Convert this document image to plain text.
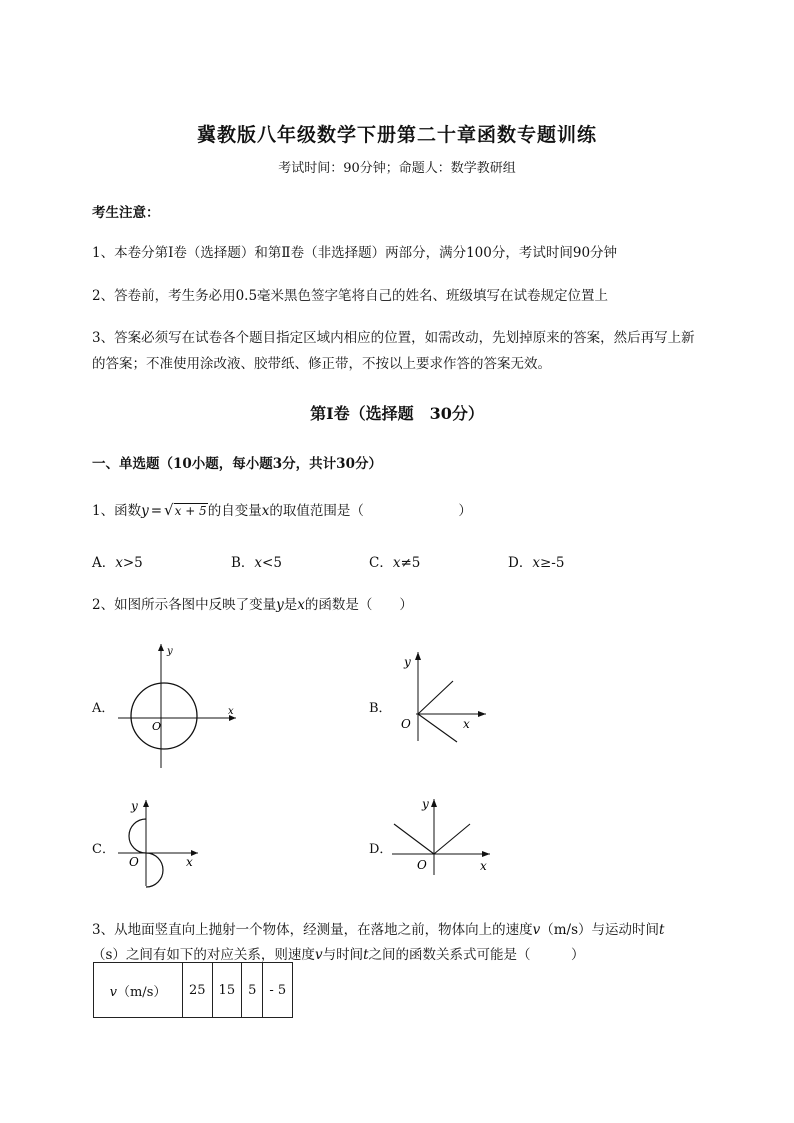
冀教版八年级数学下册第二十章函数专题训练
考试时间：90分钟；命题人：数学教研组
考生注意：
1、本卷分第I卷（选择题）和第Ⅱ卷（非选择题）两部分，满分100分，考试时间90分钟
2、答卷前，考生务必用0.5毫米黑色签字笔将自己的姓名、班级填写在试卷规定位置上
3、答案必须写在试卷各个题目指定区域内相应的位置，如需改动，先划掉原来的答案，然后再写上新
的答案；不准使用涂改液、胶带纸、修正带，不按以上要求作答的答案无效。
第I卷（选择题　30分）
一、单选题（10小题，每小题3分，共计30分）
1、函数y = √x + 5的自变量x的取值范围是（　　　　　　　）
A．x>5	B．x<5	C．x≠5	D．x≥-5
2、如图所示各图中反映了变量y是x的函数是（　　）
A．	B．
C．	D．
y
x
O
y
x
O
y
x
O
y
x
O
3、从地面竖直向上抛射一个物体，经测量，在落地之前，物体向上的速度v（m/s）与运动时间t
（s）之间有如下的对应关系，则速度v与时间t之间的函数关系式可能是（　　　）
v（m/s）	25	15	5	- 5
